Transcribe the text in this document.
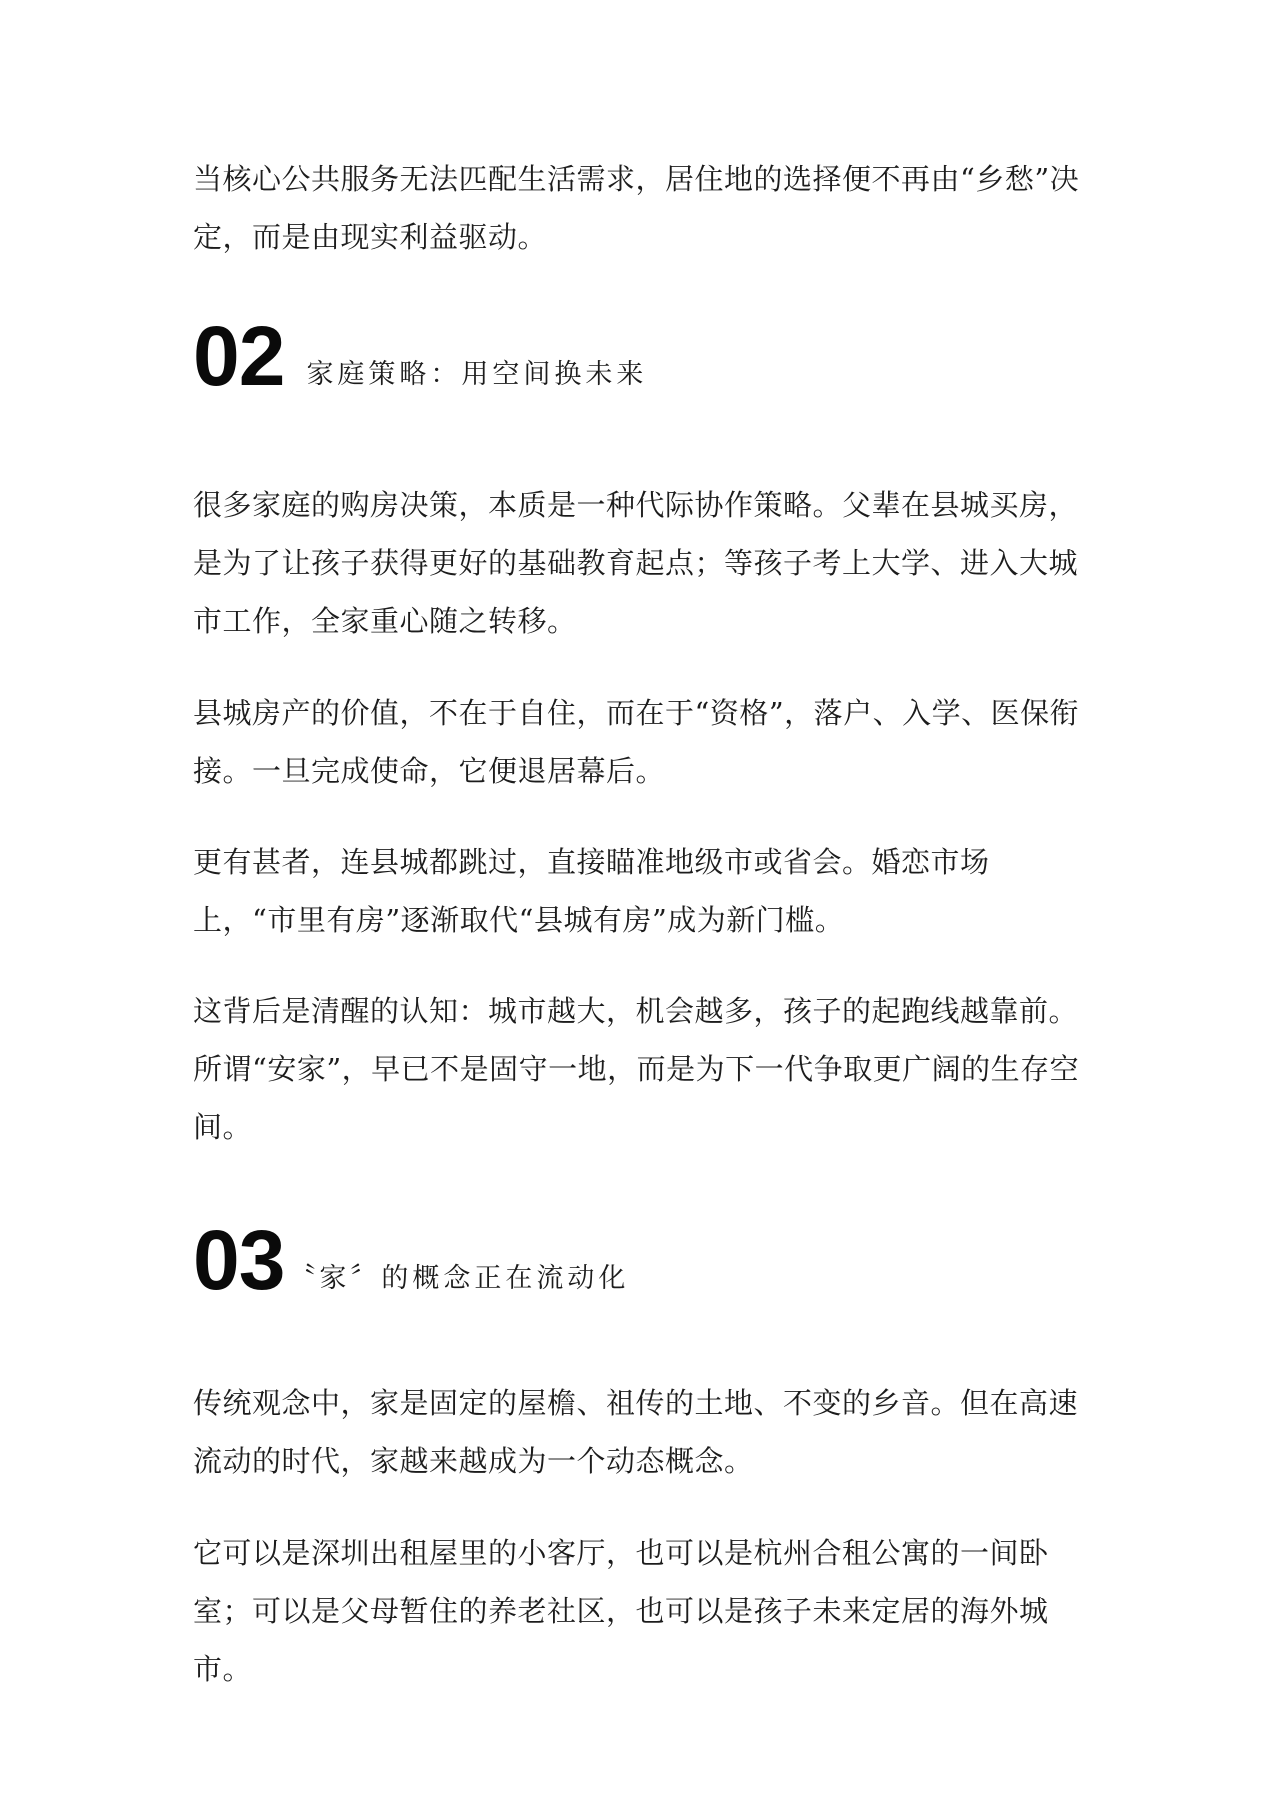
当核心公共服务无法匹配生活需求，居住地的选择便不再由“乡愁”决定，而是由现实利益驱动。

02 家庭策略：用空间换未来

很多家庭的购房决策，本质是一种代际协作策略。父辈在县城买房，是为了让孩子获得更好的基础教育起点；等孩子考上大学、进入大城市工作，全家重心随之转移。

县城房产的价值，不在于自住，而在于“资格”，落户、入学、医保衔接。一旦完成使命，它便退居幕后。

更有甚者，连县城都跳过，直接瞄准地级市或省会。婚恋市场上，“市里有房”逐渐取代“县城有房”成为新门槛。

这背后是清醒的认知：城市越大，机会越多，孩子的起跑线越靠前。所谓“安家”，早已不是固守一地，而是为下一代争取更广阔的生存空间。

03 〝家〞的概念正在流动化

传统观念中，家是固定的屋檐、祖传的土地、不变的乡音。但在高速流动的时代，家越来越成为一个动态概念。

它可以是深圳出租屋里的小客厅，也可以是杭州合租公寓的一间卧室；可以是父母暂住的养老社区，也可以是孩子未来定居的海外城市。
